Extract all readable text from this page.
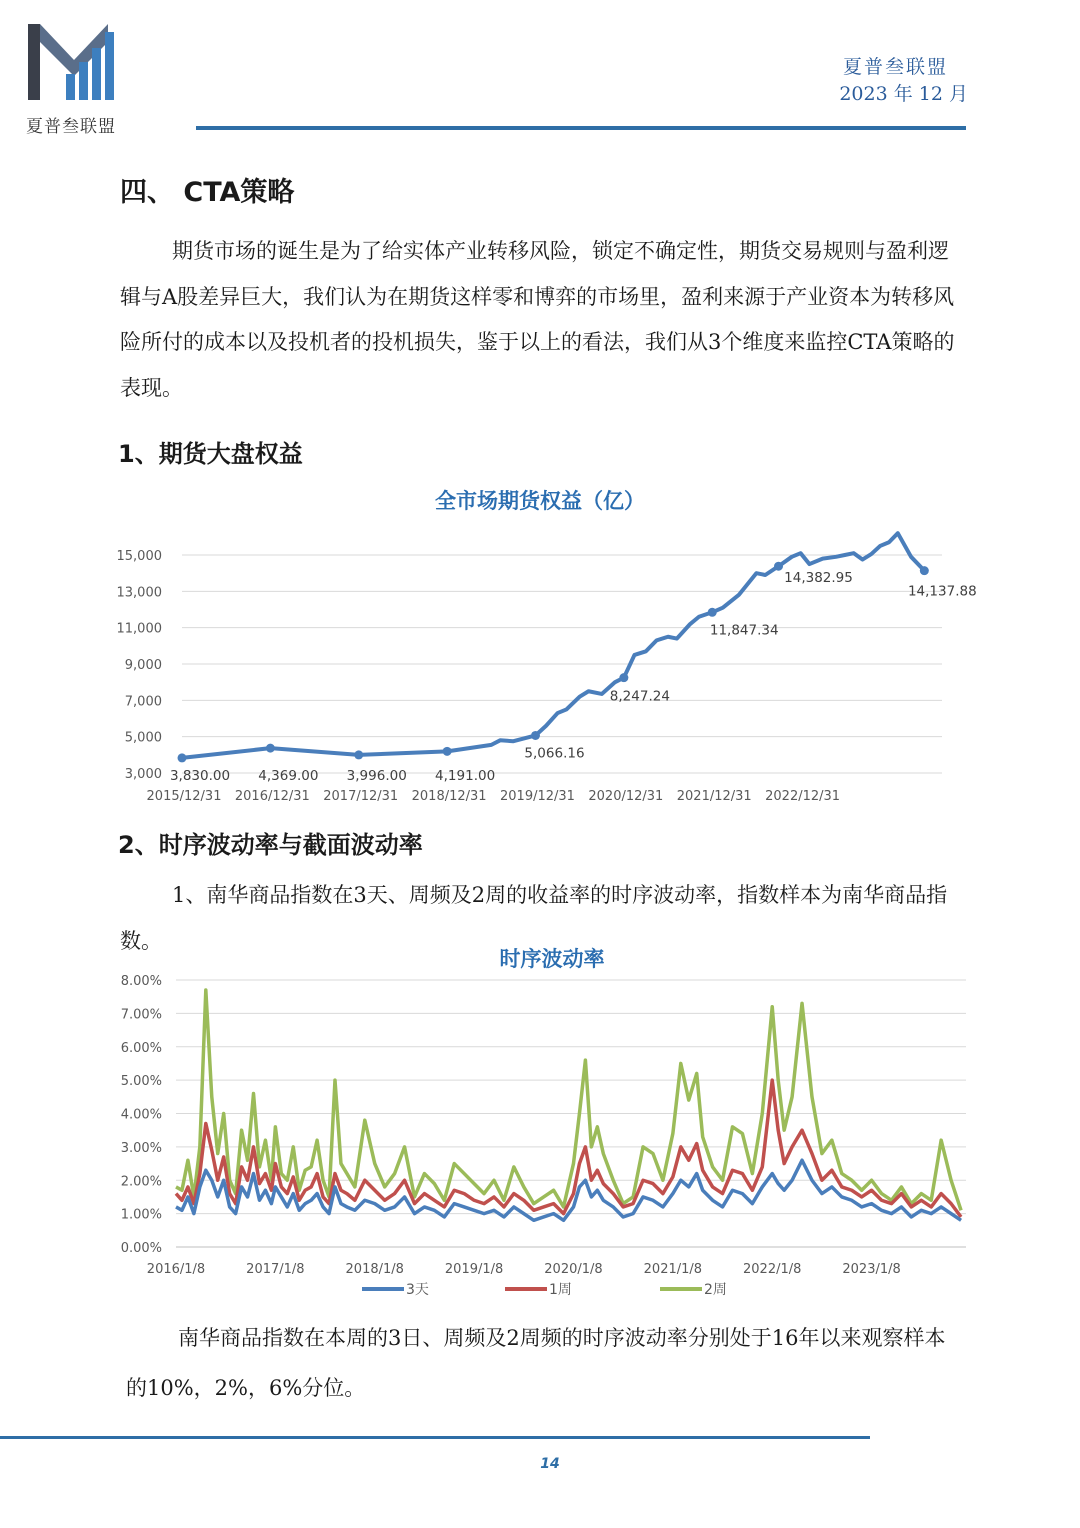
夏普叁联盟
夏普叁联盟
2023 年 12 月
四、 CTA策略
期货市场的诞生是为了给实体产业转移风险，锁定不确定性，期货交易规则与盈利逻辑与A股差异巨大，我们认为在期货这样零和博弈的市场里，盈利来源于产业资本为转移风险所付的成本以及投机者的投机损失，鉴于以上的看法，我们从3个维度来监控CTA策略的表现。
1、期货大盘权益
全市场期货权益（亿）
3,000
5,000
7,000
9,000
11,000
13,000
15,000
2015/12/31 2016/12/31 2017/12/31 2018/12/31 2019/12/31 2020/12/31 2021/12/31 2022/12/31
3,830.00 4,369.00 3,996.00 4,191.00
5,066.16
8,247.24
11,847.34
14,382.95
14,137.88
2、时序波动率与截面波动率
1、南华商品指数在3天、周频及2周的收益率的时序波动率，指数样本为南华商品指数。
时序波动率
0.00%
1.00%
2.00%
3.00%
4.00%
5.00%
6.00%
7.00%
8.00%
2016/1/8	2017/1/8	2018/1/8	2019/1/8	2020/1/8	2021/1/8	2022/1/8	2023/1/8
3天	1周	2周
南华商品指数在本周的3日、周频及2周频的时序波动率分别处于16年以来观察样本的10%，2%，6%分位。
14
